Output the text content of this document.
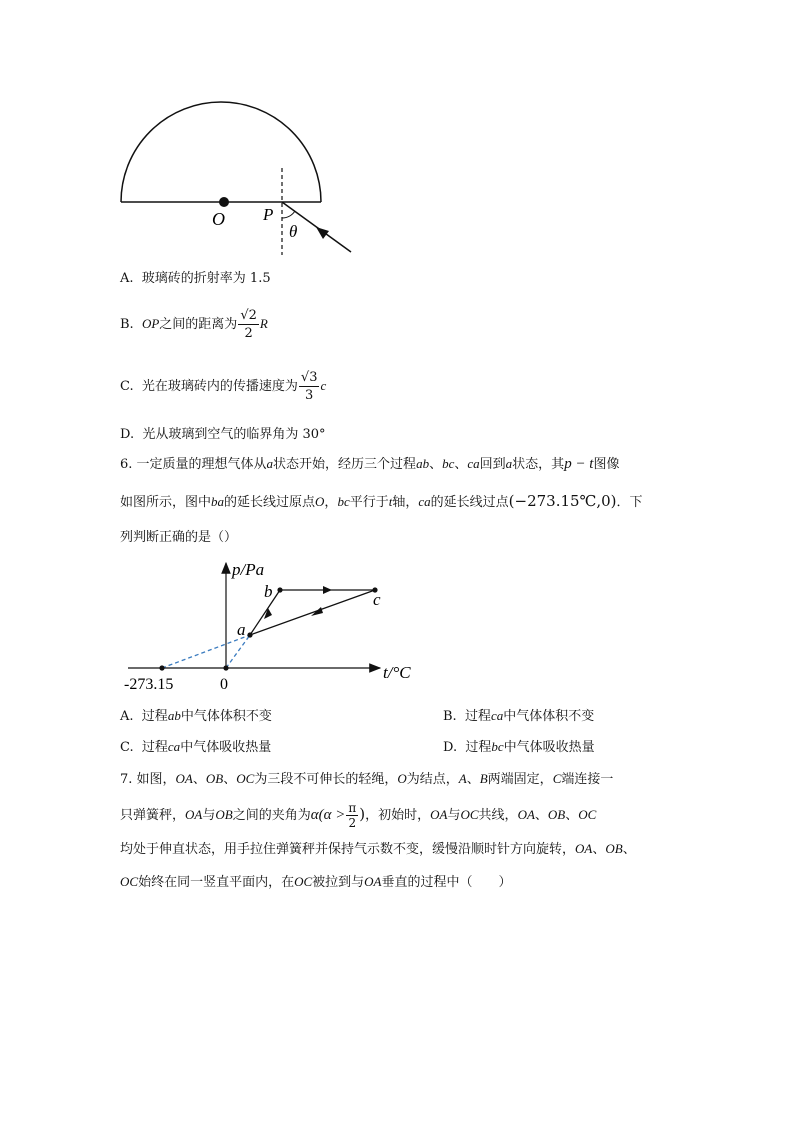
O P
θ
A. 玻璃砖的折射率为 1.5
B. OP之间的距离为 $\frac{√2}{2}$ R
C. 光在玻璃砖内的传播速度为 $\frac{√3}{3}$ c
D. 光从玻璃到空气的临界角为 30°
6. 一定质量的理想气体从a状态开始，经历三个过程ab、bc、ca回到a状态，其p − t图像
如图所示，图中ba的延长线过原点O，bc平行于t轴，ca的延长线过点(−273.15℃,0)．下
列判断正确的是（）
p/Pa
t/°C
b	c
a
-273.15	0
A. 过程ab中气体体积不变	B. 过程ca中气体体积不变
C. 过程ca中气体吸收热量	D. 过程bc中气体吸收热量
7. 如图，OA、OB、OC为三段不可伸长的轻绳，O为结点，A、B两端固定，C端连接一
只弹簧秤，OA与OB之间的夹角为$\alpha(\alpha > \frac{\pi}{2}$ )，初始时，OA与OC共线，OA、OB、OC
均处于伸直状态，用手拉住弹簧秤并保持气示数不变，缓慢沿顺时针方向旋转，OA、OB、
OC始终在同一竖直平面内，在OC被拉到与OA垂直的过程中（　　）
